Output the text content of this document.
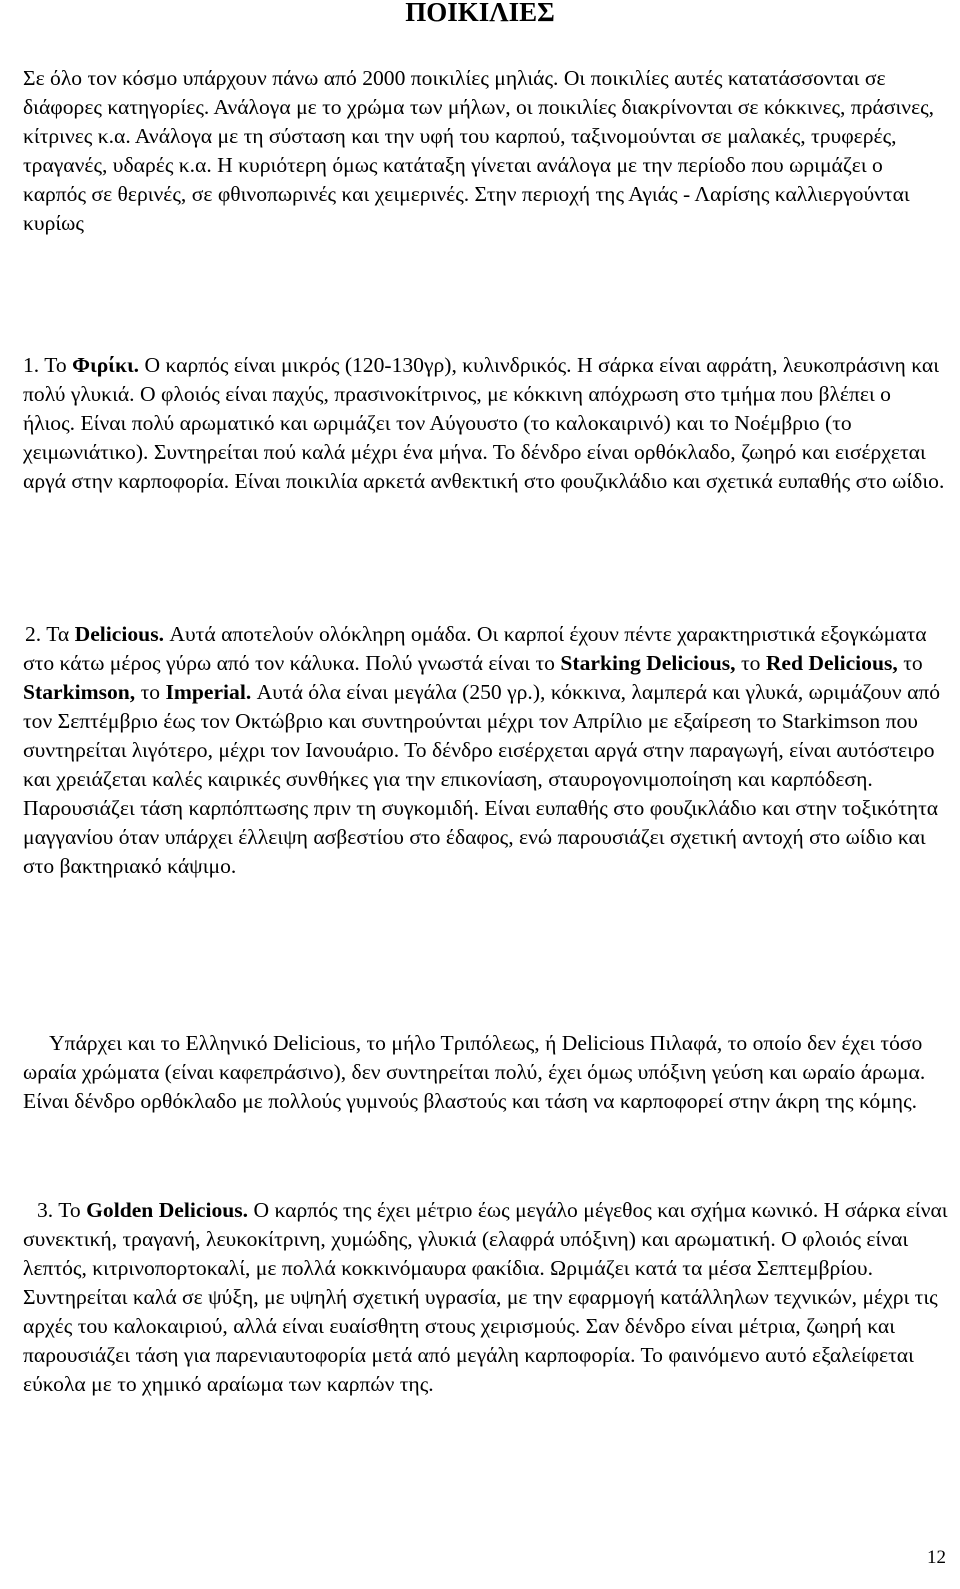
ΠΟΙΚΙΛΙΕΣ

Σε όλο τον κόσμο υπάρχουν πάνω από 2000 ποικιλίες μηλιάς. Οι ποικιλίες αυτές κατατάσσονται σε διάφορες κατηγορίες. Ανάλογα με το χρώμα των μήλων, οι ποικιλίες διακρίνονται σε κόκκινες, πράσινες, κίτρινες κ.α. Ανάλογα με τη σύσταση και την υφή του καρπού, ταξινομούνται σε μαλακές, τρυφερές, τραγανές, υδαρές κ.α. Η κυριότερη όμως κατάταξη γίνεται ανάλογα με την περίοδο που ωριμάζει ο καρπός σε θερινές, σε φθινοπωρινές και χειμερινές. Στην περιοχή της Αγιάς - Λαρίσης καλλιεργούνται κυρίως

1. Το Φιρίκι. Ο καρπός είναι μικρός (120-130γρ), κυλινδρικός. Η σάρκα είναι αφράτη, λευκοπράσινη και πολύ γλυκιά. Ο φλοιός είναι παχύς, πρασινοκίτρινος, με κόκκινη απόχρωση στο τμήμα που βλέπει ο ήλιος. Είναι πολύ αρωματικό και ωριμάζει τον Αύγουστο (το καλοκαιρινό) και το Νοέμβριο (το χειμωνιάτικο). Συντηρείται πού καλά μέχρι ένα μήνα. Το δένδρο είναι ορθόκλαδο, ζωηρό και εισέρχεται αργά στην καρποφορία. Είναι ποικιλία αρκετά ανθεκτική στο φουζικλάδιο και σχετικά ευπαθής στο ωίδιο.

2. Τα Delicious. Αυτά αποτελούν ολόκληρη ομάδα. Οι καρποί έχουν πέντε χαρακτηριστικά εξογκώματα στο κάτω μέρος γύρω από τον κάλυκα. Πολύ γνωστά είναι το Starking Delicious, το Red Delicious, το Starkimson, το Imperial. Αυτά όλα είναι μεγάλα (250 γρ.), κόκκινα, λαμπερά και γλυκά, ωριμάζουν από τον Σεπτέμβριο έως τον Οκτώβριο και συντηρούνται μέχρι τον Απρίλιο με εξαίρεση το Starkimson που συντηρείται λιγότερο, μέχρι τον Ιανουάριο. Το δένδρο εισέρχεται αργά στην παραγωγή, είναι αυτόστειρο και χρειάζεται καλές καιρικές συνθήκες για την επικονίαση, σταυρογονιμοποίηση και καρπόδεση. Παρουσιάζει τάση καρπόπτωσης πριν τη συγκομιδή. Είναι ευπαθής στο φουζικλάδιο και στην τοξικότητα μαγγανίου όταν υπάρχει έλλειψη ασβεστίου στο έδαφος, ενώ παρουσιάζει σχετική αντοχή στο ωίδιο και στο βακτηριακό κάψιμο.

Υπάρχει και το Ελληνικό Delicious, το μήλο Τριπόλεως, ή Delicious Πιλαφά, το οποίο δεν έχει τόσο ωραία χρώματα (είναι καφεπράσινο), δεν συντηρείται πολύ, έχει όμως υπόξινη γεύση και ωραίο άρωμα. Είναι δένδρο ορθόκλαδο με πολλούς γυμνούς βλαστούς και τάση να καρποφορεί στην άκρη της κόμης.

3. Το Golden Delicious. Ο καρπός της έχει μέτριο έως μεγάλο μέγεθος και σχήμα κωνικό. Η σάρκα είναι συνεκτική, τραγανή, λευκοκίτρινη, χυμώδης, γλυκιά (ελαφρά υπόξινη) και αρωματική. Ο φλοιός είναι λεπτός, κιτρινοπορτοκαλί, με πολλά κοκκινόμαυρα φακίδια. Ωριμάζει κατά τα μέσα Σεπτεμβρίου. Συντηρείται καλά σε ψύξη, με υψηλή σχετική υγρασία, με την εφαρμογή κατάλληλων τεχνικών, μέχρι τις αρχές του καλοκαιριού, αλλά είναι ευαίσθητη στους χειρισμούς. Σαν δένδρο είναι μέτρια, ζωηρή και παρουσιάζει τάση για παρενιαυτοφορία μετά από μεγάλη καρποφορία. Το φαινόμενο αυτό εξαλείφεται εύκολα με το χημικό αραίωμα των καρπών της.

12
